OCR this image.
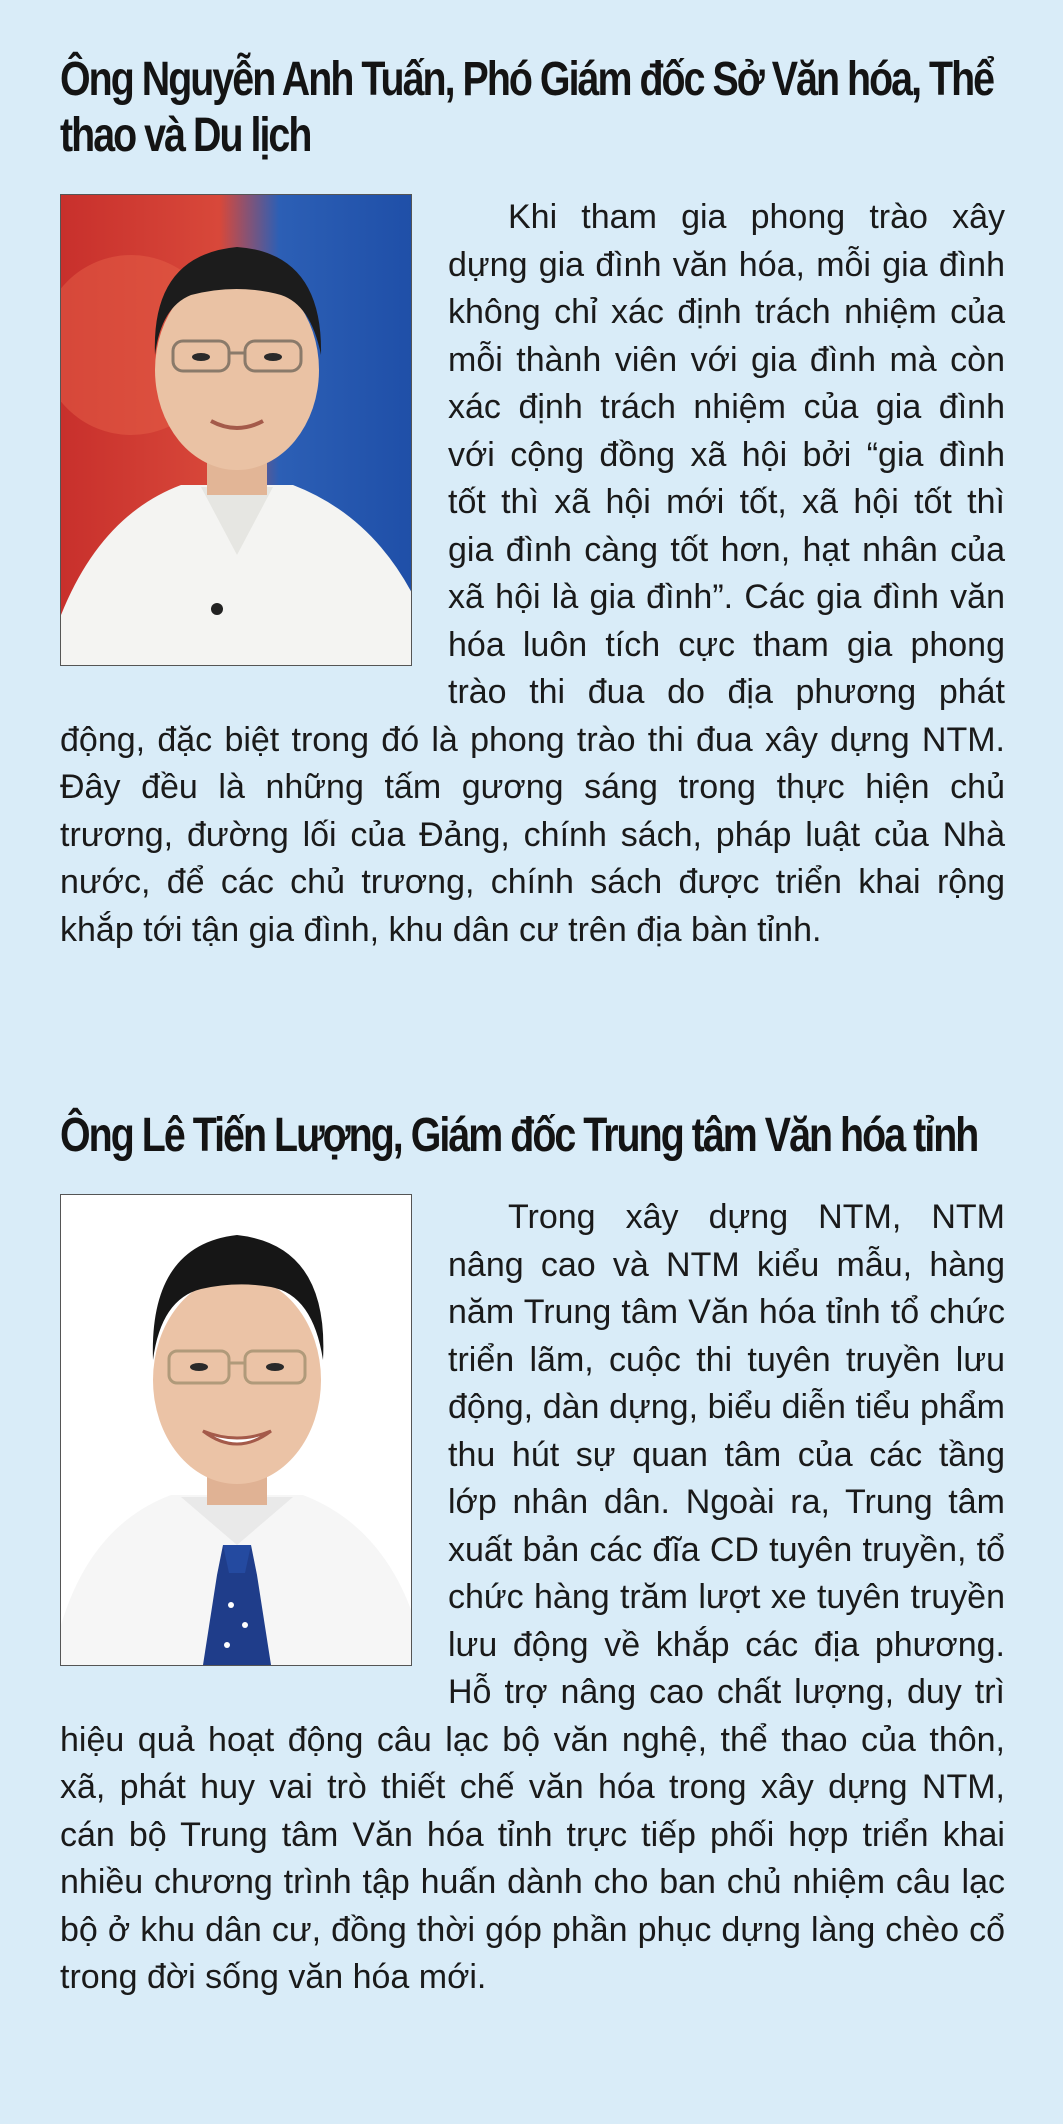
Ông Nguyễn Anh Tuấn, Phó Giám đốc Sở Văn hóa, Thể thao và Du lịch

Khi tham gia phong trào xây dựng gia đình văn hóa, mỗi gia đình không chỉ xác định trách nhiệm của mỗi thành viên với gia đình mà còn xác định trách nhiệm của gia đình với cộng đồng xã hội bởi “gia đình tốt thì xã hội mới tốt, xã hội tốt thì gia đình càng tốt hơn, hạt nhân của xã hội là gia đình”. Các gia đình văn hóa luôn tích cực tham gia phong trào thi đua do địa phương phát động, đặc biệt trong đó là phong trào thi đua xây dựng NTM. Đây đều là những tấm gương sáng trong thực hiện chủ trương, đường lối của Đảng, chính sách, pháp luật của Nhà nước, để các chủ trương, chính sách được triển khai rộng khắp tới tận gia đình, khu dân cư trên địa bàn tỉnh.

Ông Lê Tiến Lượng, Giám đốc Trung tâm Văn hóa tỉnh

Trong xây dựng NTM, NTM nâng cao và NTM kiểu mẫu, hàng năm Trung tâm Văn hóa tỉnh tổ chức triển lãm, cuộc thi tuyên truyền lưu động, dàn dựng, biểu diễn tiểu phẩm thu hút sự quan tâm của các tầng lớp nhân dân. Ngoài ra, Trung tâm xuất bản các đĩa CD tuyên truyền, tổ chức hàng trăm lượt xe tuyên truyền lưu động về khắp các địa phương. Hỗ trợ nâng cao chất lượng, duy trì hiệu quả hoạt động câu lạc bộ văn nghệ, thể thao của thôn, xã, phát huy vai trò thiết chế văn hóa trong xây dựng NTM, cán bộ Trung tâm Văn hóa tỉnh trực tiếp phối hợp triển khai nhiều chương trình tập huấn dành cho ban chủ nhiệm câu lạc bộ ở khu dân cư, đồng thời góp phần phục dựng làng chèo cổ trong đời sống văn hóa mới.
